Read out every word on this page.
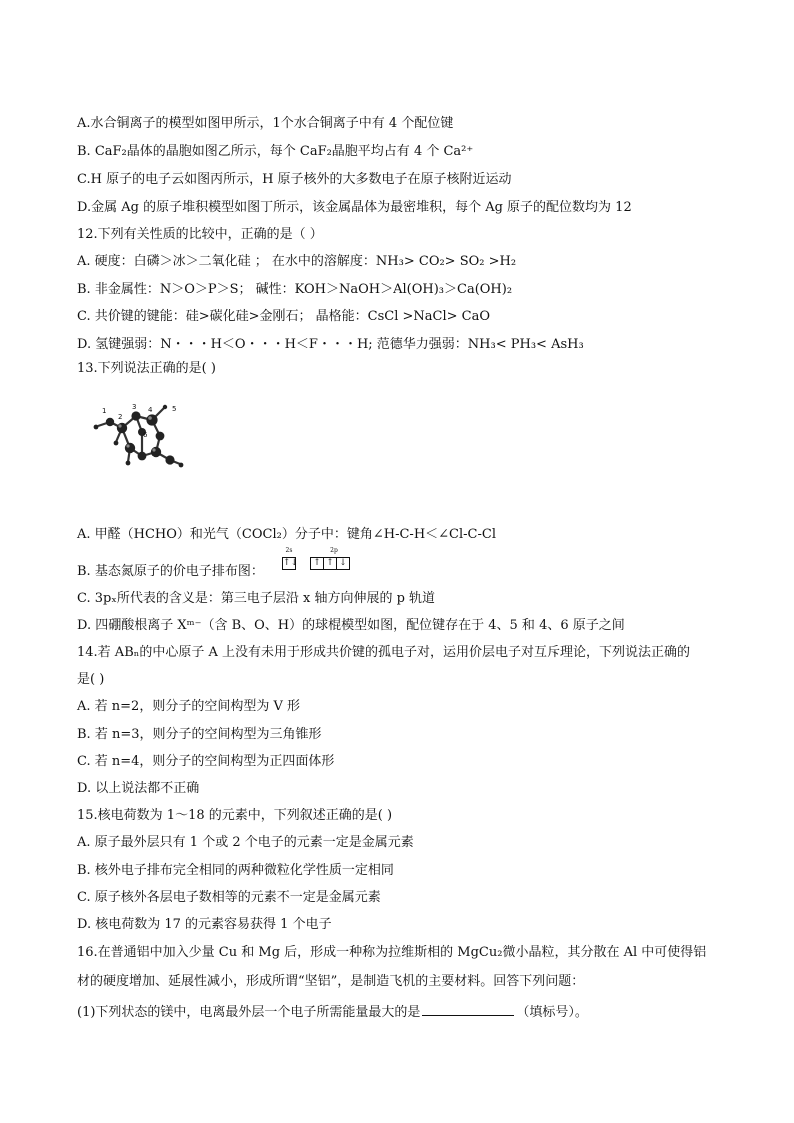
A.水合铜离子的模型如图甲所示，1个水合铜离子中有 4 个配位键
B. CaF₂晶体的晶胞如图乙所示，每个 CaF₂晶胞平均占有 4 个 Ca²⁺
C.H 原子的电子云如图丙所示，H 原子核外的大多数电子在原子核附近运动
D.金属 Ag 的原子堆积模型如图丁所示，该金属晶体为最密堆积，每个 Ag 原子的配位数均为 12
12.下列有关性质的比较中，正确的是（ ）
A. 硬度：白磷＞冰＞二氧化硅 ； 在水中的溶解度：NH₃> CO₂> SO₂ >H₂
B. 非金属性：N＞O＞P＞S； 碱性：KOH＞NaOH＞Al(OH)₃＞Ca(OH)₂
C. 共价键的键能：硅>碳化硅>金刚石； 晶格能：CsCl >NaCl> CaO
D. 氢键强弱：N・・・H＜O・・・H＜F・・・H; 范德华力强弱：NH₃< PH₃< AsH₃
13.下列说法正确的是( )
1
2
3 4	5
6
A. 甲醛（HCHO）和光气（COCl₂）分子中：键角∠H-C-H＜∠Cl-C-Cl
B. 基态氮原子的价电子排布图：
2s	2p
↑↓	↑ ↑ ↓
C. 3pₓ所代表的含义是：第三电子层沿 x 轴方向伸展的 p 轨道
D. 四硼酸根离子 Xᵐ⁻（含 B、O、H）的球棍模型如图，配位键存在于 4、5 和 4、6 原子之间
14.若 ABₙ的中心原子 A 上没有未用于形成共价键的孤电子对，运用价层电子对互斥理论，下列说法正确的
是( )
A. 若 n=2，则分子的空间构型为 V 形
B. 若 n=3，则分子的空间构型为三角锥形
C. 若 n=4，则分子的空间构型为正四面体形
D. 以上说法都不正确
15.核电荷数为 1～18 的元素中，下列叙述正确的是( )
A. 原子最外层只有 1 个或 2 个电子的元素一定是金属元素
B. 核外电子排布完全相同的两种微粒化学性质一定相同
C. 原子核外各层电子数相等的元素不一定是金属元素
D. 核电荷数为 17 的元素容易获得 1 个电子
16.在普通铝中加入少量 Cu 和 Mg 后，形成一种称为拉维斯相的 MgCu₂微小晶粒，其分散在 Al 中可使得铝
材的硬度增加、延展性减小，形成所谓“坚铝”，是制造飞机的主要材料。回答下列问题：
(1)下列状态的镁中，电离最外层一个电子所需能量最大的是	（填标号）。
